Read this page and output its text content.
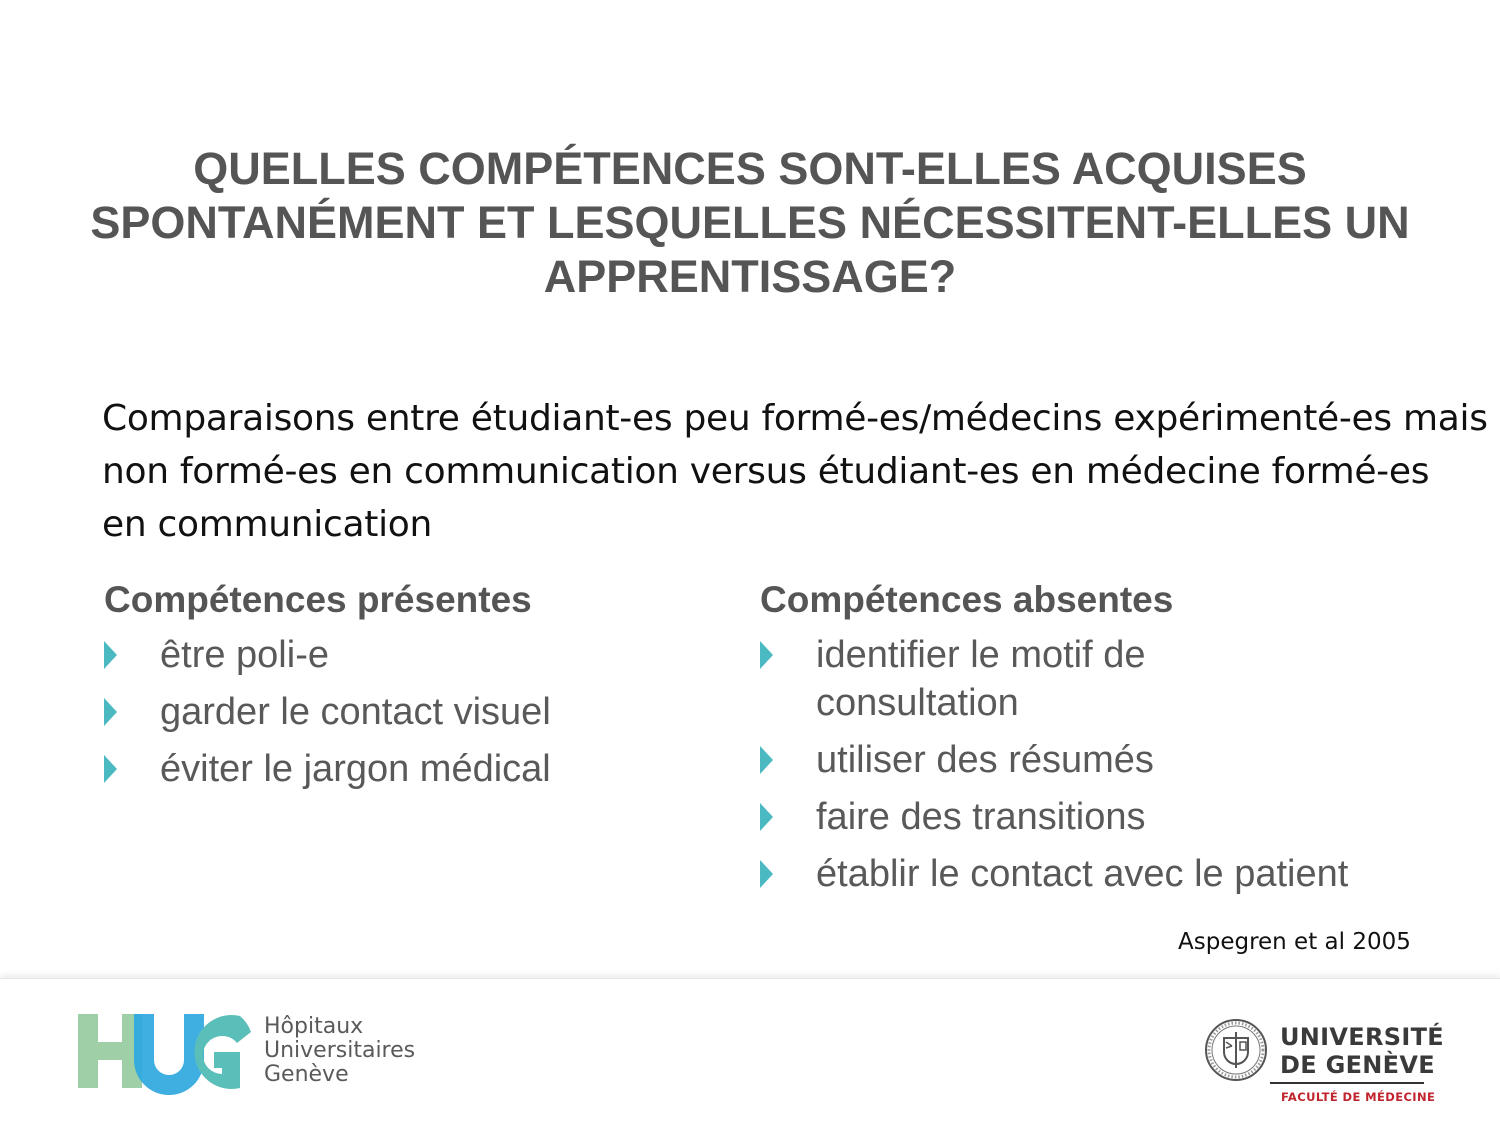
QUELLES COMPÉTENCES SONT-ELLES ACQUISES
SPONTANÉMENT ET LESQUELLES NÉCESSITENT-ELLES UN
APPRENTISSAGE?

Comparaisons entre étudiant-es peu formé-es/médecins expérimenté-es mais
non formé-es en communication versus étudiant-es en médecine formé-es
en communication

Compétences présentes
être poli-e
garder le contact visuel
éviter le jargon médical
Compétences absentes
identifier le motif de
consultation
utiliser des résumés
faire des transitions
établir le contact avec le patient
Aspegren et al 2005
Hôpitaux
Universitaires
Genève
UNIVERSITÉ
DE GENÈVE
FACULTÉ DE MÉDECINE
